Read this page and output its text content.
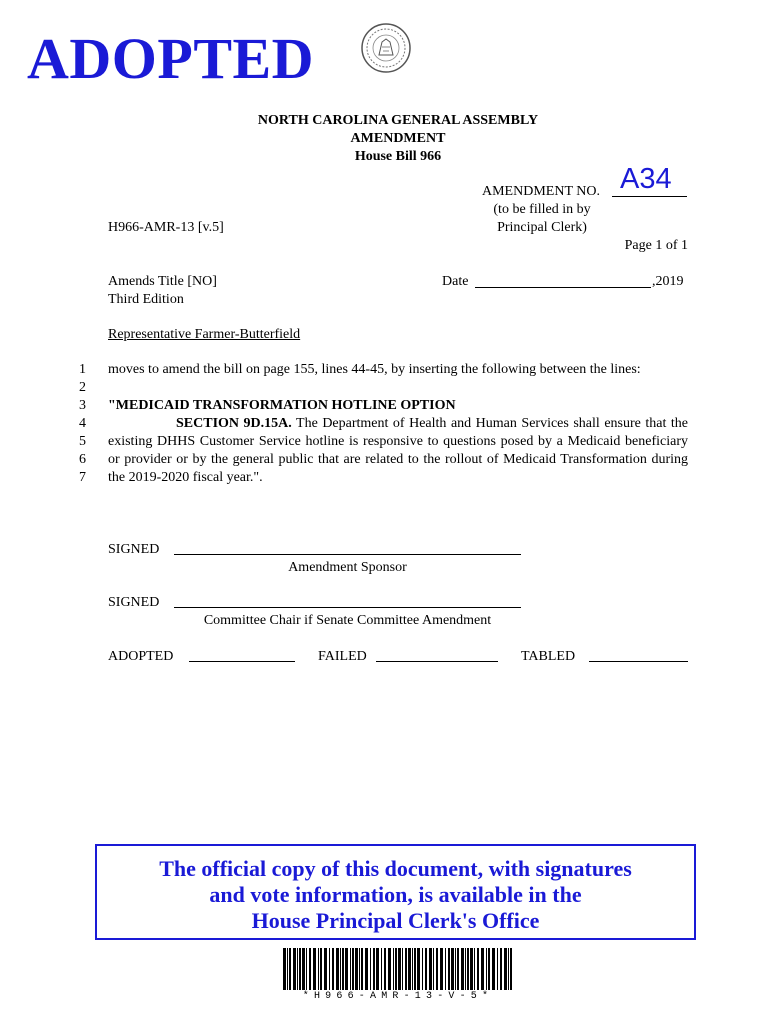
ADOPTED
NORTH CAROLINA GENERAL ASSEMBLY
AMENDMENT
House Bill 966
AMENDMENT NO. A34
(to be filled in by
Principal Clerk)
H966-AMR-13 [v.5]
Page 1 of 1
Amends Title [NO]
Third Edition
Date	,2019
Representative Farmer-Butterfield
1
2
3
4
5
6
7

moves to amend the bill on page 155, lines 44-45, by inserting the following between the lines:

"MEDICAID TRANSFORMATION HOTLINE OPTION

SECTION 9D.15A. The Department of Health and Human Services shall ensure that the existing DHHS Customer Service hotline is responsive to questions posed by a Medicaid beneficiary or provider or by the general public that are related to the rollout of Medicaid Transformation during the 2019-2020 fiscal year.".

SIGNED
Amendment Sponsor
SIGNED
Committee Chair if Senate Committee Amendment
ADOPTED	FAILED	TABLED
The official copy of this document, with signatures
and vote information, is available in the
House Principal Clerk's Office
*H966-AMR-13-V-5*
